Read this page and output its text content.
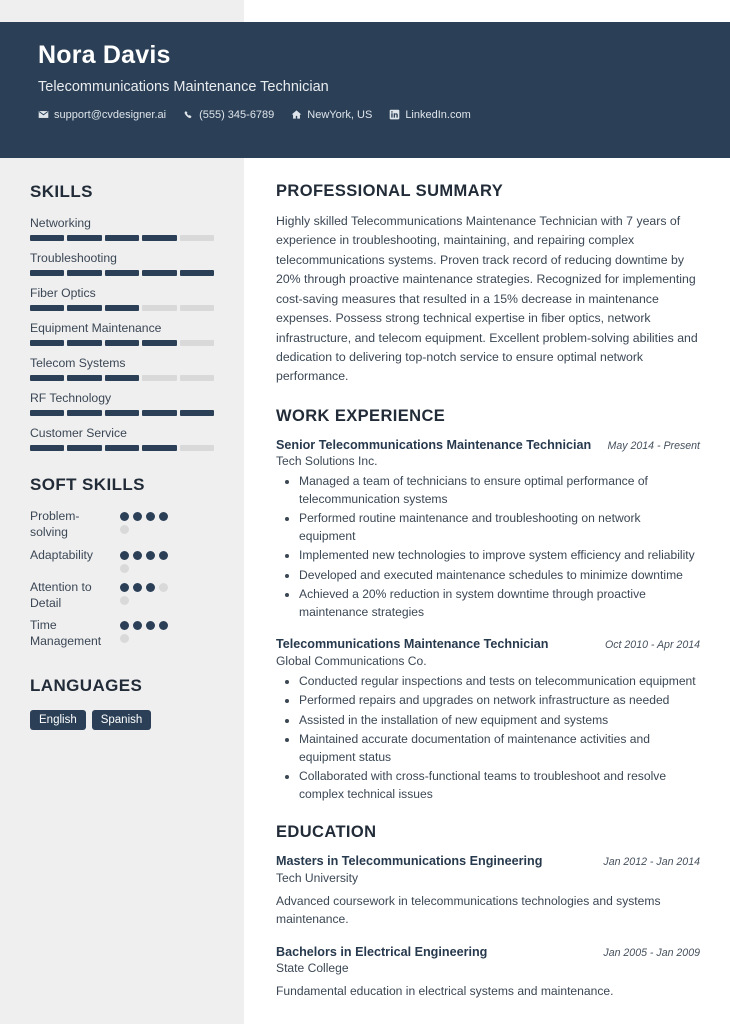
Nora Davis
Telecommunications Maintenance Technician
support@cvdesigner.ai	(555) 345-6789	NewYork, US	LinkedIn.com
SKILLS
Networking
Troubleshooting
Fiber Optics
Equipment Maintenance
Telecom Systems
RF Technology
Customer Service
SOFT SKILLS
Problem-solving
Adaptability
Attention to Detail
Time Management
LANGUAGES
English	Spanish
PROFESSIONAL SUMMARY
Highly skilled Telecommunications Maintenance Technician with 7 years of experience in troubleshooting, maintaining, and repairing complex telecommunications systems. Proven track record of reducing downtime by 20% through proactive maintenance strategies. Recognized for implementing cost-saving measures that resulted in a 15% decrease in maintenance expenses. Possess strong technical expertise in fiber optics, network infrastructure, and telecom equipment. Excellent problem-solving abilities and dedication to delivering top-notch service to ensure optimal network performance.
WORK EXPERIENCE
Senior Telecommunications Maintenance Technician May 2014 - Present
Tech Solutions Inc.
• Managed a team of technicians to ensure optimal performance of telecommunication systems
• Performed routine maintenance and troubleshooting on network equipment
• Implemented new technologies to improve system efficiency and reliability
• Developed and executed maintenance schedules to minimize downtime
• Achieved a 20% reduction in system downtime through proactive maintenance strategies
Telecommunications Maintenance Technician	Oct 2010 - Apr 2014
Global Communications Co.
• Conducted regular inspections and tests on telecommunication equipment
• Performed repairs and upgrades on network infrastructure as needed
• Assisted in the installation of new equipment and systems
• Maintained accurate documentation of maintenance activities and equipment status
• Collaborated with cross-functional teams to troubleshoot and resolve complex technical issues
EDUCATION
Masters in Telecommunications Engineering	Jan 2012 - Jan 2014
Tech University
Advanced coursework in telecommunications technologies and systems maintenance.
Bachelors in Electrical Engineering	Jan 2005 - Jan 2009
State College
Fundamental education in electrical systems and maintenance.
